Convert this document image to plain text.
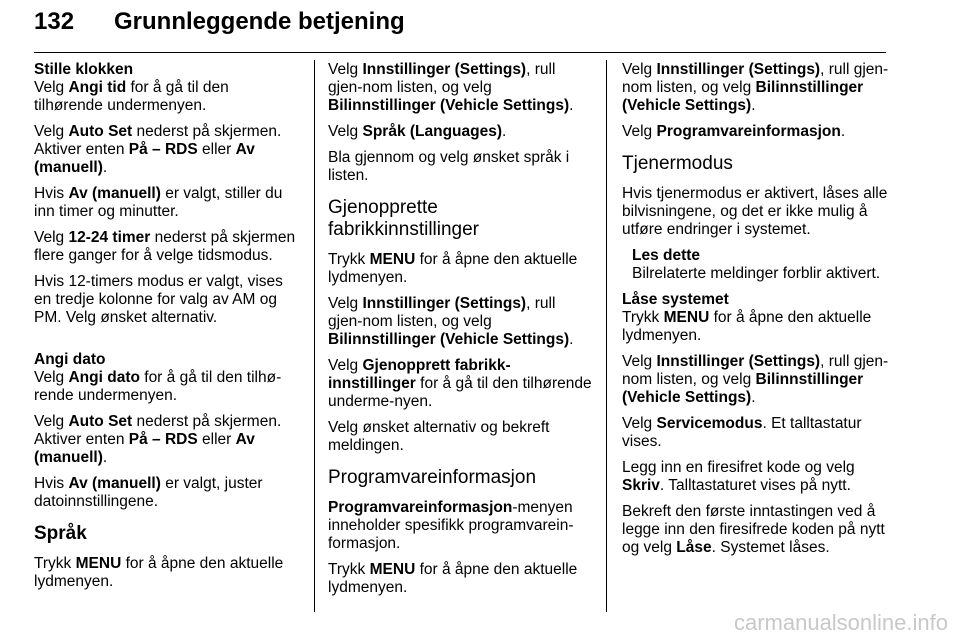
132 Grunnleggende betjening
Stille klokken

Velg Angi tid for å gå til den tilhørende undermenyen.

Velg Auto Set nederst på skjermen. Aktiver enten På – RDS eller Av (manuell).

Hvis Av (manuell) er valgt, stiller du inn timer og minutter.

Velg 12-24 timer nederst på skjermen flere ganger for å velge tidsmodus.

Hvis 12-timers modus er valgt, vises en tredje kolonne for valg av AM og PM. Velg ønsket alternativ.

Angi dato

Velg Angi dato for å gå til den tilhø-rende undermenyen.

Velg Auto Set nederst på skjermen. Aktiver enten På – RDS eller Av (manuell).

Hvis Av (manuell) er valgt, juster datoinnstillingene.

Språk

Trykk MENU for å åpne den aktuelle lydmenyen.

Velg Innstillinger (Settings), rull gjen-nom listen, og velg Bilinnstillinger (Vehicle Settings).

Velg Språk (Languages).

Bla gjennom og velg ønsket språk i listen.

Gjenopprette fabrikkinnstillinger

Trykk MENU for å åpne den aktuelle lydmenyen.

Velg Innstillinger (Settings), rull gjen-nom listen, og velg Bilinnstillinger (Vehicle Settings).

Velg Gjenopprett fabrikk-innstillinger for å gå til den tilhørende underme-nyen.

Velg ønsket alternativ og bekreft meldingen.

Programvareinformasjon

Programvareinformasjon-menyen inneholder spesifikk programvarein-formasjon.

Trykk MENU for å åpne den aktuelle lydmenyen.

Velg Innstillinger (Settings), rull gjen-nom listen, og velg Bilinnstillinger (Vehicle Settings).

Velg Programvareinformasjon.

Tjenermodus

Hvis tjenermodus er aktivert, låses alle bilvisningene, og det er ikke mulig å utføre endringer i systemet.

Les dette
Bilrelaterte meldinger forblir aktivert.
Låse systemet

Trykk MENU for å åpne den aktuelle lydmenyen.

Velg Innstillinger (Settings), rull gjen-nom listen, og velg Bilinnstillinger (Vehicle Settings).

Velg Servicemodus. Et talltastatur vises.

Legg inn en firesifret kode og velg Skriv. Talltastaturet vises på nytt.

Bekreft den første inntastingen ved å legge inn den firesifrede koden på nytt og velg Låse. Systemet låses.

carmanualsonline.info
